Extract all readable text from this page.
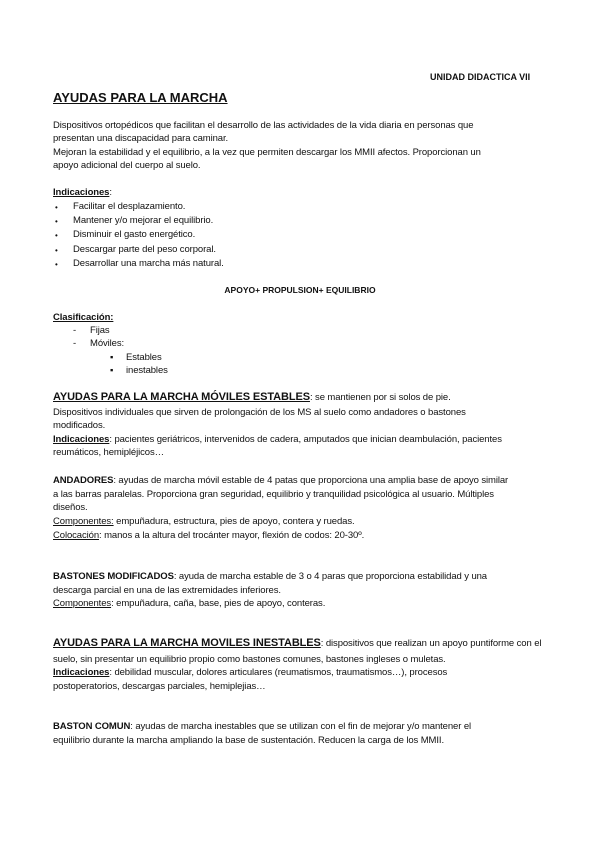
UNIDAD DIDACTICA VII
AYUDAS PARA LA MARCHA
Dispositivos ortopédicos que facilitan el desarrollo de las actividades de la vida diaria en personas que
presentan una discapacidad para caminar.
Mejoran la estabilidad y el equilibrio, a la vez que permiten descargar los MMII afectos. Proporcionan un
apoyo adicional del cuerpo al suelo.
Indicaciones:
• Facilitar el desplazamiento.
• Mantener y/o mejorar el equilibrio.
• Disminuir el gasto energético.
• Descargar parte del peso corporal.
• Desarrollar una marcha más natural.
APOYO+ PROPULSION+ EQUILIBRIO
Clasificación:
- Fijas
- Móviles:
▪ Estables
▪ inestables
AYUDAS PARA LA MARCHA MÓVILES ESTABLES: se mantienen por si solos de pie.
Dispositivos individuales que sirven de prolongación de los MS al suelo como andadores o bastones
modificados.
Indicaciones: pacientes geriátricos, intervenidos de cadera, amputados que inician deambulación, pacientes
reumáticos, hemipléjicos…
ANDADORES: ayudas de marcha móvil estable de 4 patas que proporciona una amplia base de apoyo similar
a las barras paralelas. Proporciona gran seguridad, equilibrio y tranquilidad psicológica al usuario. Múltiples
diseños.
Componentes: empuñadura, estructura, pies de apoyo, contera y ruedas.
Colocación: manos a la altura del trocánter mayor, flexión de codos: 20-30º.
BASTONES MODIFICADOS: ayuda de marcha estable de 3 o 4 paras que proporciona estabilidad y una
descarga parcial en una de las extremidades inferiores.
Componentes: empuñadura, caña, base, pies de apoyo, conteras.
AYUDAS PARA LA MARCHA MOVILES INESTABLES: dispositivos que realizan un apoyo puntiforme con el
suelo, sin presentar un equilibrio propio como bastones comunes, bastones ingleses o muletas.
Indicaciones: debilidad muscular, dolores articulares (reumatismos, traumatismos…), procesos
postoperatorios, descargas parciales, hemiplejias…
BASTON COMUN: ayudas de marcha inestables que se utilizan con el fin de mejorar y/o mantener el
equilibrio durante la marcha ampliando la base de sustentación. Reducen la carga de los MMII.
